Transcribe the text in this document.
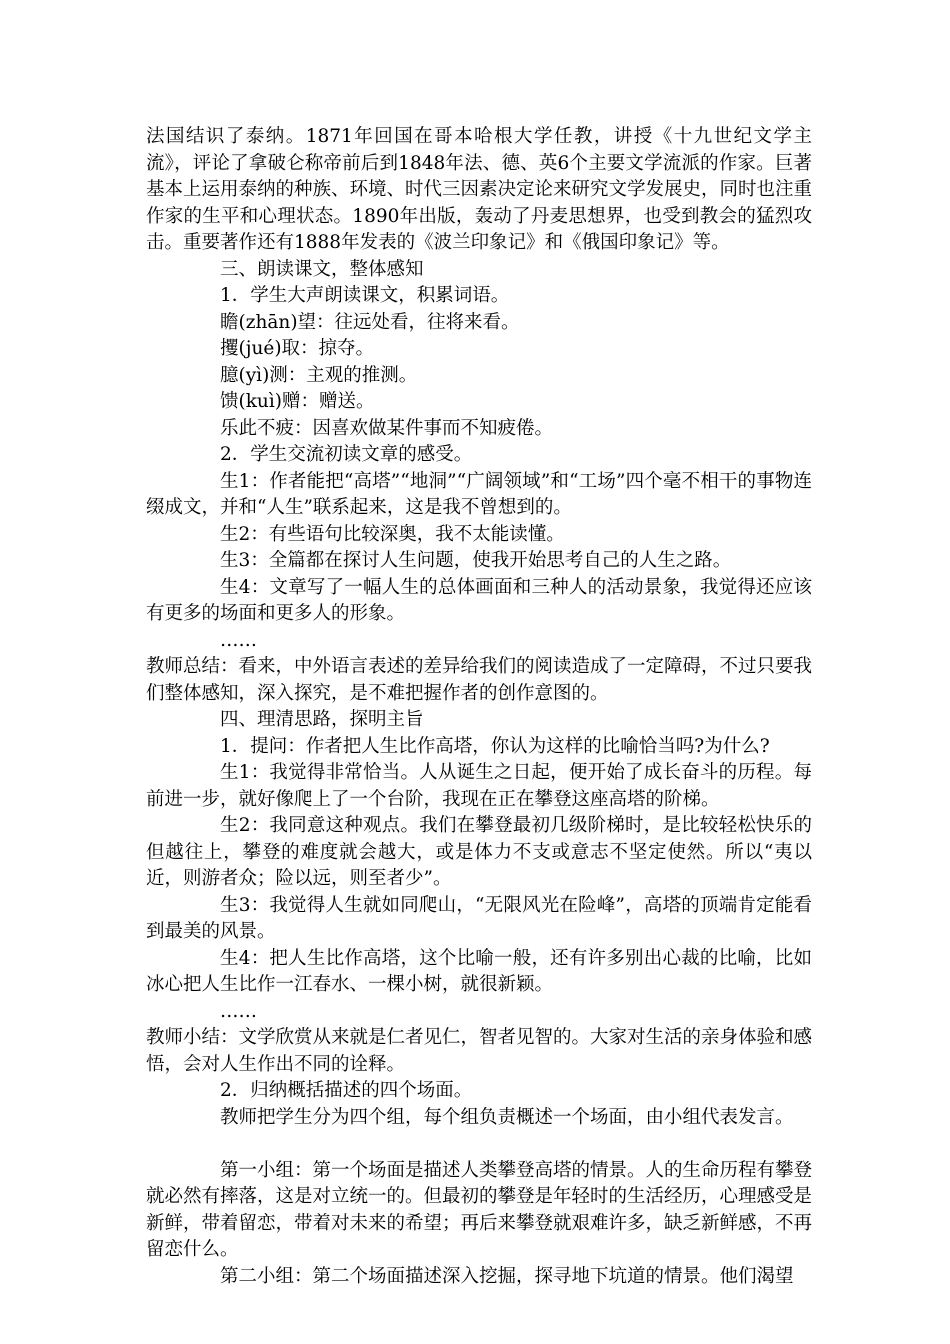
法国结识了泰纳。1871年回国在哥本哈根大学任教，讲授《十九世纪文学主流》，评论了拿破仑称帝前后到1848年法、德、英6个主要文学流派的作家。巨著基本上运用泰纳的种族、环境、时代三因素决定论来研究文学发展史，同时也注重作家的生平和心理状态。1890年出版，轰动了丹麦思想界，也受到教会的猛烈攻击。重要著作还有1888年发表的《波兰印象记》和《俄国印象记》等。

三、朗读课文，整体感知

1．学生大声朗读课文，积累词语。

瞻(zhān)望：往远处看，往将来看。

攫(jué)取：掠夺。

臆(yì)测：主观的推测。

馈(kuì)赠：赠送。

乐此不疲：因喜欢做某件事而不知疲倦。

2．学生交流初读文章的感受。

生1：作者能把“高塔”“地洞”“广阔领域”和“工场”四个毫不相干的事物连缀成文，并和“人生”联系起来，这是我不曾想到的。

生2：有些语句比较深奥，我不太能读懂。

生3：全篇都在探讨人生问题，使我开始思考自己的人生之路。

生4：文章写了一幅人生的总体画面和三种人的活动景象，我觉得还应该有更多的场面和更多人的形象。

……

教师总结：看来，中外语言表述的差异给我们的阅读造成了一定障碍，不过只要我们整体感知，深入探究，是不难把握作者的创作意图的。

四、理清思路，探明主旨

1．提问：作者把人生比作高塔，你认为这样的比喻恰当吗?为什么?

生1：我觉得非常恰当。人从诞生之日起，便开始了成长奋斗的历程。每前进一步，就好像爬上了一个台阶，我现在正在攀登这座高塔的阶梯。

生2：我同意这种观点。我们在攀登最初几级阶梯时，是比较轻松快乐的但越往上，攀登的难度就会越大，或是体力不支或意志不坚定使然。所以“夷以近，则游者众；险以远，则至者少”。

生3：我觉得人生就如同爬山，“无限风光在险峰”，高塔的顶端肯定能看到最美的风景。

生4：把人生比作高塔，这个比喻一般，还有许多别出心裁的比喻，比如冰心把人生比作一江春水、一棵小树，就很新颖。

……

教师小结：文学欣赏从来就是仁者见仁，智者见智的。大家对生活的亲身体验和感悟，会对人生作出不同的诠释。

2．归纳概括描述的四个场面。

教师把学生分为四个组，每个组负责概述一个场面，由小组代表发言。

第一小组：第一个场面是描述人类攀登高塔的情景。人的生命历程有攀登就必然有摔落，这是对立统一的。但最初的攀登是年轻时的生活经历，心理感受是新鲜，带着留恋，带着对未来的希望；再后来攀登就艰难许多，缺乏新鲜感，不再留恋什么。

第二小组：第二个场面描述深入挖掘，探寻地下坑道的情景。他们渴望
